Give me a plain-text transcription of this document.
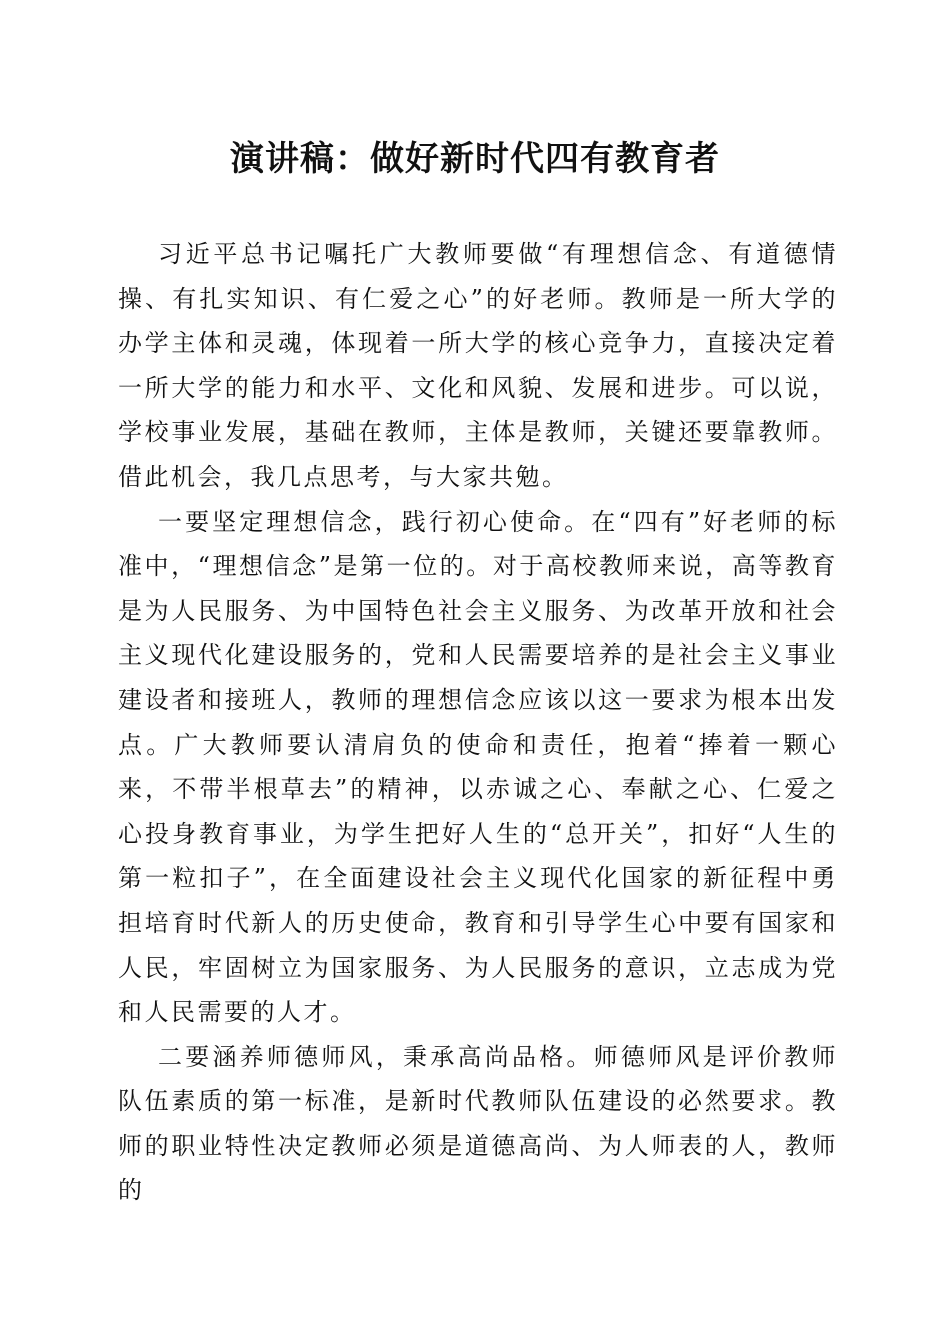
演讲稿：做好新时代四有教育者

习近平总书记嘱托广大教师要做“有理想信念、有道德情操、有扎实知识、有仁爱之心”的好老师。教师是一所大学的办学主体和灵魂，体现着一所大学的核心竞争力，直接决定着一所大学的能力和水平、文化和风貌、发展和进步。可以说，学校事业发展，基础在教师，主体是教师，关键还要靠教师。借此机会，我几点思考，与大家共勉。

一要坚定理想信念，践行初心使命。在“四有”好老师的标准中，“理想信念”是第一位的。对于高校教师来说，高等教育是为人民服务、为中国特色社会主义服务、为改革开放和社会主义现代化建设服务的，党和人民需要培养的是社会主义事业建设者和接班人，教师的理想信念应该以这一要求为根本出发点。广大教师要认清肩负的使命和责任，抱着“捧着一颗心来，不带半根草去”的精神，以赤诚之心、奉献之心、仁爱之心投身教育事业，为学生把好人生的“总开关”，扣好“人生的第一粒扣子”，在全面建设社会主义现代化国家的新征程中勇担培育时代新人的历史使命，教育和引导学生心中要有国家和人民，牢固树立为国家服务、为人民服务的意识，立志成为党和人民需要的人才。

二要涵养师德师风，秉承高尚品格。师德师风是评价教师队伍素质的第一标准，是新时代教师队伍建设的必然要求。教师的职业特性决定教师必须是道德高尚、为人师表的人，教师的
